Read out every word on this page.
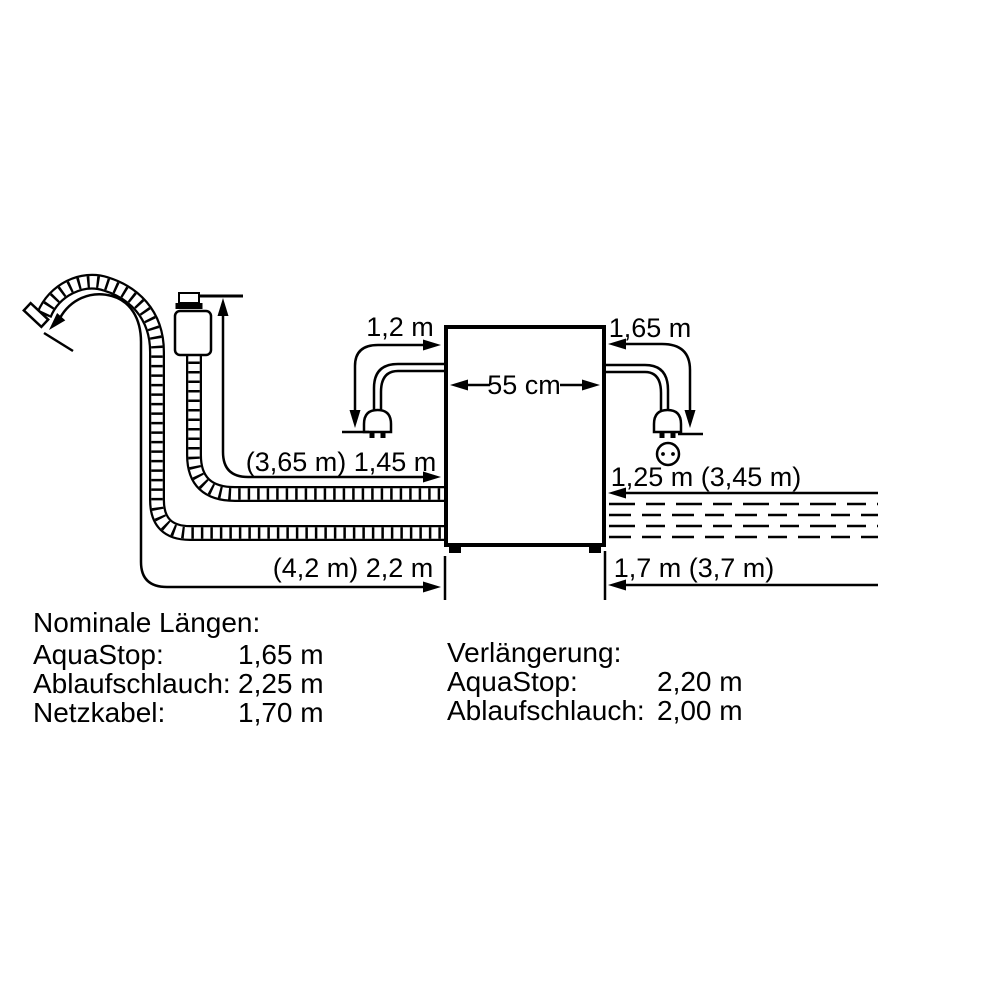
55 cm
1,2 m	1,65 m
(3,65 m) 1,45 m
(4,2 m) 2,2 m
1,25 m (3,45 m)
1,7 m (3,7 m)
Nominale Längen:
AquaStop:	1,65 m
Ablaufschlauch: 2,25 m
Netzkabel:	1,70 m
Verlängerung:
AquaStop:	2,20 m
Ablaufschlauch: 2,00 m
